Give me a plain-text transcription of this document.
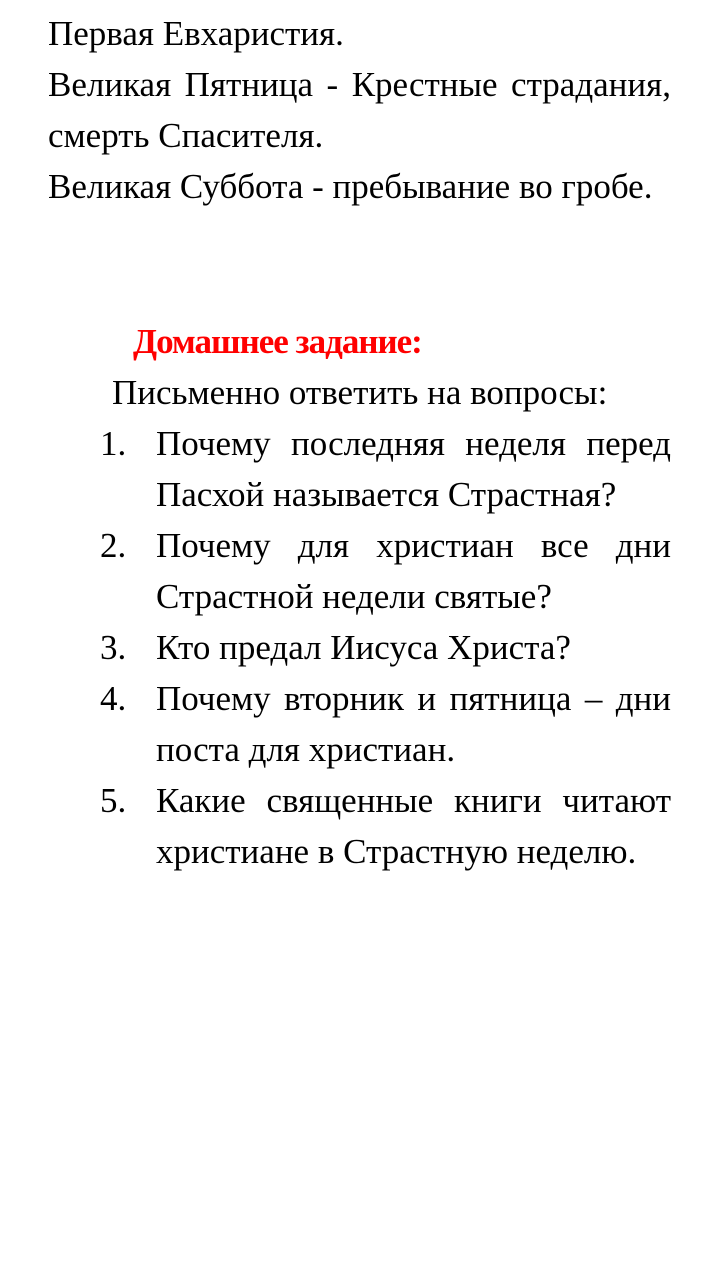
Первая Евхаристия.
Великая Пятница - Крестные страдания, смерть Спасителя.
Великая Суббота - пребывание во гробе.
Домашнее задание:
Письменно ответить на вопросы:
1. Почему последняя неделя перед Пасхой называется Страстная?
2. Почему для христиан все дни Страстной недели святые?
3. Кто предал Иисуса Христа?
4. Почему вторник и пятница – дни поста для христиан.
5. Какие священные книги читают христиане в Страстную неделю.
